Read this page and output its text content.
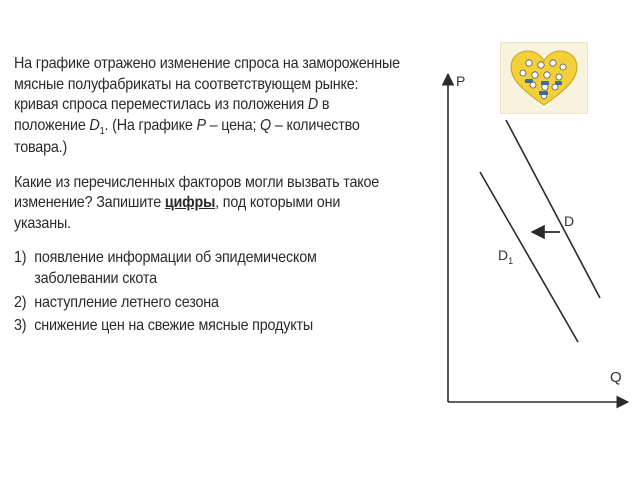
На графике отражено изменение спроса на замороженные мясные полуфабрикаты на соответствующем рынке: кривая спроса переместилась из положения D в положение $D_1$. (На графике P – цена; Q – количество товара.)

Какие из перечисленных факторов могли вызвать такое изменение? Запишите цифры, под которыми они указаны.

1) появление информации об эпидемическом заболевании скота
2) наступление летнего сезона
3) снижение цен на свежие мясные продукты
P
Q
D
$D_1$
